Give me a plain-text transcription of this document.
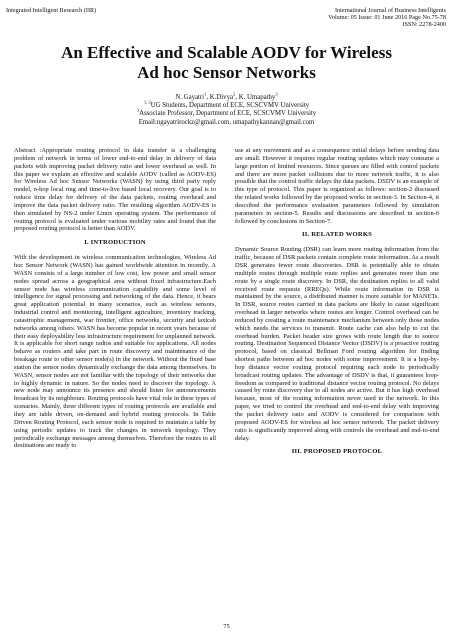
Integrated Intelligent Research (IIR)	International Journal of Business Intelligents
Volume: 05 Issue: 01 June 2016 Page No.75-78
ISSN: 2278-2400
An Effective and Scalable AODV for Wireless
Ad hoc Sensor Networks
N. Gayatri$^1$, K.Divya$^2$, K. Umapathy$^3$
$^{1, 2}$UG Students, Department of ECE, SCSCVMV University
$^3$Associate Professor, Department of ECE, SCSCVMV University
Email:ngayatrirockz@gmail.com, umapathykannan@gmail.com

Abstract :Appropriate routing protocol in data transfer is a challenging problem of network in terms of lower end-to-end delay in delivery of data packets with improving packet delivery ratio and lower overhead as well. In this paper we explain an effective and scalable AODV (called as AODV-ES) for Wireless Ad hoc Sensor Networks (WASN) by using third party reply model, n-hop local ring and time-to-live based local recovery. Our goal is to reduce time delay for delivery of the data packets, routing overhead and improve the data packet delivery ratio. The resulting algorithm AODV-ES is then simulated by NS-2 under Linux operating system. The performance of routing protocol is evaluated under various mobility rates and found that the proposed routing protocol is better than AODV.

I. INTRODUCTION

With the development in wireless communication technologies, Wireless Ad hoc Sensor Network (WASN) has gained worldwide attention in recently. A WASN consists of a large number of low cost, low power and small sensor nodes spread across a geographical area without fixed infrastructure.Each sensor node has wireless communication capability and some level of intelligence for signal processing and networking of the data. Hence, it bears great application potential in many scenarios, such as wireless sensors, industrial control and monitoring, intelligent agriculture, inventory tracking, catastrophic management, war frontier, office networks, security and taxicab networks among others. WASN has become popular in recent years because of their easy deployability less infrastructure requirement for unplanned network. It is applicable for short range radios and suitable for applications. All nodes behave as routers and take part in route discovery and maintenance of the breakage route to other sensor node(s) in the network. Without the fixed base station the sensor nodes dynamically exchange the data among themselves. In WASN, sensor nodes are not familiar with the topology of their networks due to highly dynamic in nature. So the nodes need to discover the topology. A new node may announce its presence and should listen for announcements broadcast by its neighbours. Routing protocols have vital role in these types of scenarios. Mainly, three different types of routing protocols are available and they are table driven, on-demand and hybrid routing protocols. In Table Driven Routing Protocol, each sensor node is required to maintain a table by using periodic updates to track the changes in network topology. They periodically exchange messages among themselves. Therefore the routes to all destinations are ready to

use at any movement and as a consequence initial delays before sending data are small. However it requires regular routing updates which may consume a large portion of limited resources. Since queues are filled with control packets and there are more packet collisions due to more network traffic, it is also possible that the control traffic delays the data packets. DSDV is an example of this type of protocol. This paper is organized as follows: section-2 discussed the related works followed by the proposed works in section-3. In Section-4, it described the performance evaluation parameters followed by simulation parameters in section-5. Results and discussions are described in section-6 followed by conclusions in Section-7.

II. RELATED WORKS

Dynamic Source Routing (DSR) can learn more routing information from the traffic, because of DSR packets contain complete route information. As a result DSR generates fewer route discoveries. DSR is potentially able to obtain multiple routes through multiple route replies and generates more than one route by a single route discovery. In DSR, the destination replies to all valid received route requests (RREQs). While route information in DSR is maintained by the source, a distributed manner is more suitable for MANETs. In DSR, source routes carried in data packets are likely to cause significant overhead in larger networks where routes are longer. Control overhead can be reduced by creating a route maintenance mechanism between only those nodes which needs the services to transmit. Route cache can also help to cut the overhead burden. Packet header size grows with route length due to source routing. Destination Sequenced Distance Vector (DSDV) is a proactive routing protocol, based on classical Bellman Ford routing algorithm for finding shortest paths between ad hoc nodes with some improvement. It is a hop-by-hop distance vector routing protocol requiring each node to periodically broadcast routing updates. The advantage of DSDV is that, it guarantees loop-freedom as compared to traditional distance vector routing protocol. No delays caused by route discovery due to all nodes are active. But it has high overhead because, most of the routing information never used in the network. In this paper, we tried to control the overhead and end-to-end delay with improving the packet delivery ratio and AODV is considered for comparison with proposed AODV-ES for wireless ad hoc sensor network. The packet delivery ratio is significantly improved along with controls the overhead and end-to-end delay.

III. PROPOSED PROTOCOL
75
